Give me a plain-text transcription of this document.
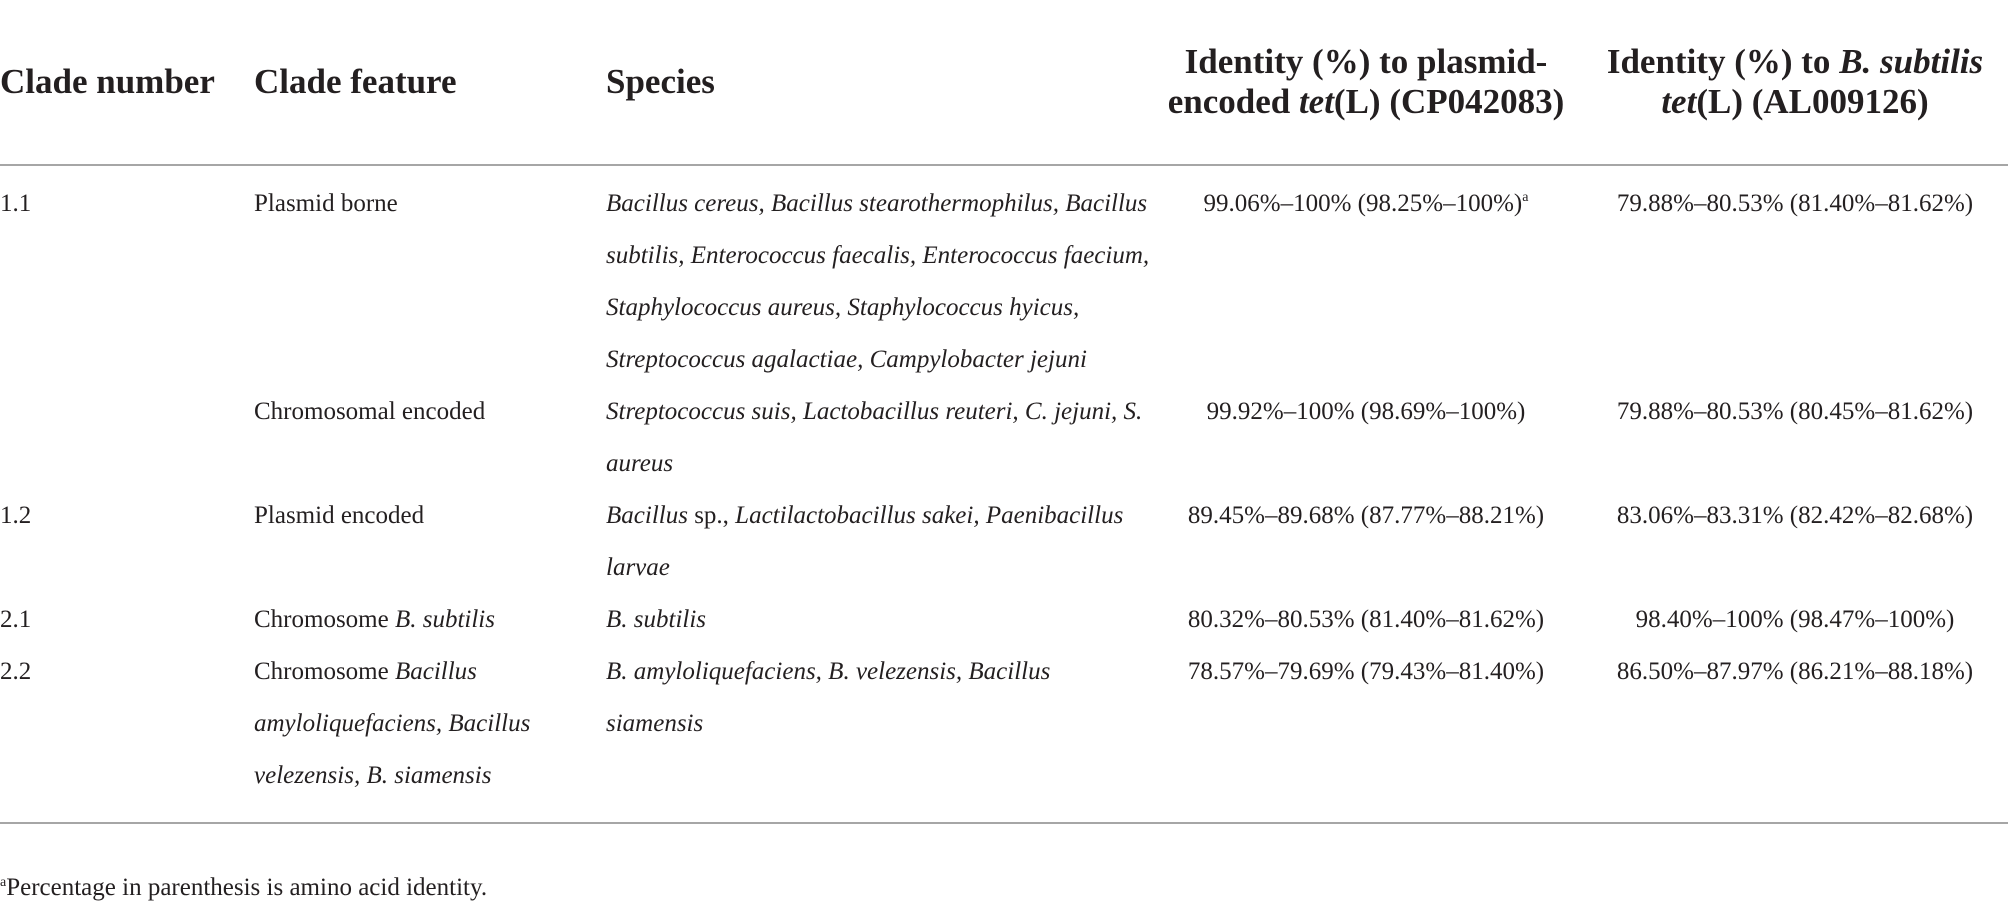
Clade number	Clade feature	Species	Identity (%) to plasmid-encoded tet(L) (CP042083)	Identity (%) to B. subtilis
tet(L) (AL009126)
1.1	Plasmid borne	Bacillus cereus, Bacillus stearothermophilus, Bacillus subtilis, Enterococcus faecalis, Enterococcus faecium, Staphylococcus aureus, Staphylococcus hyicus, Streptococcus agalactiae, Campylobacter jejuni	99.06%–100% (98.25%–100%)$^a$	79.88%–80.53% (81.40%–81.62%)
	Chromosomal encoded	Streptococcus suis, Lactobacillus reuteri, C. jejuni, S. aureus	99.92%–100% (98.69%–100%)	79.88%–80.53% (80.45%–81.62%)
1.2	Plasmid encoded	Bacillus sp., Lactilactobacillus sakei, Paenibacillus larvae	89.45%–89.68% (87.77%–88.21%)	83.06%–83.31% (82.42%–82.68%)
2.1	Chromosome B. subtilis	B. subtilis	80.32%–80.53% (81.40%–81.62%)	98.40%–100% (98.47%–100%)
2.2	Chromosome Bacillus amyloliquefaciens, Bacillus velezensis, B. siamensis	B. amyloliquefaciens, B. velezensis, Bacillus siamensis	78.57%–79.69% (79.43%–81.40%)	86.50%–87.97% (86.21%–88.18%)
$^a$Percentage in parenthesis is amino acid identity.
